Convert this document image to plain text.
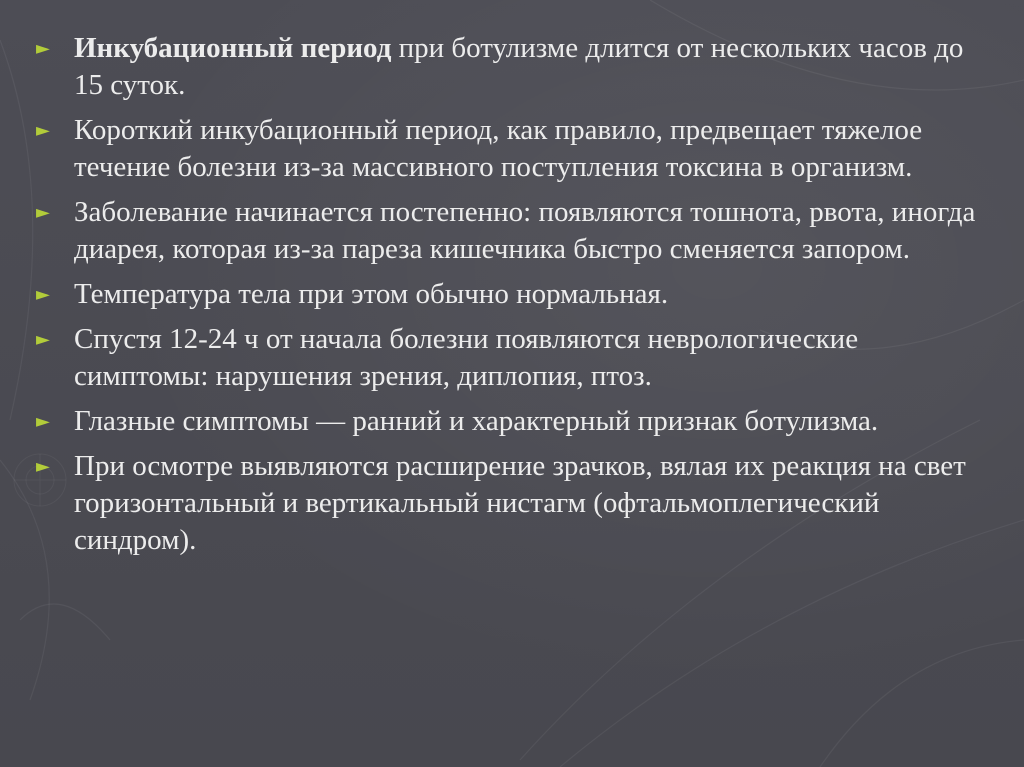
► Инкубационный период при ботулизме длится от нескольких часов до 15 суток.
► Короткий инкубационный период, как правило, предвещает тяжелое течение болезни из-за массивного поступления токсина в организм.
► Заболевание начинается постепенно: появляются тошнота, рвота, иногда диарея, которая из-за пареза кишечника быстро сменяется запором.
► Температура тела при этом обычно нормальная.
► Спустя 12-24 ч от начала болезни появляются неврологические симптомы: нарушения зрения, диплопия, птоз.
► Глазные симптомы — ранний и характерный признак ботулизма.
► При осмотре выявляются расширение зрачков, вялая их реакция на свет горизонтальный и вертикальный нистагм (офтальмоплегический синдром).
